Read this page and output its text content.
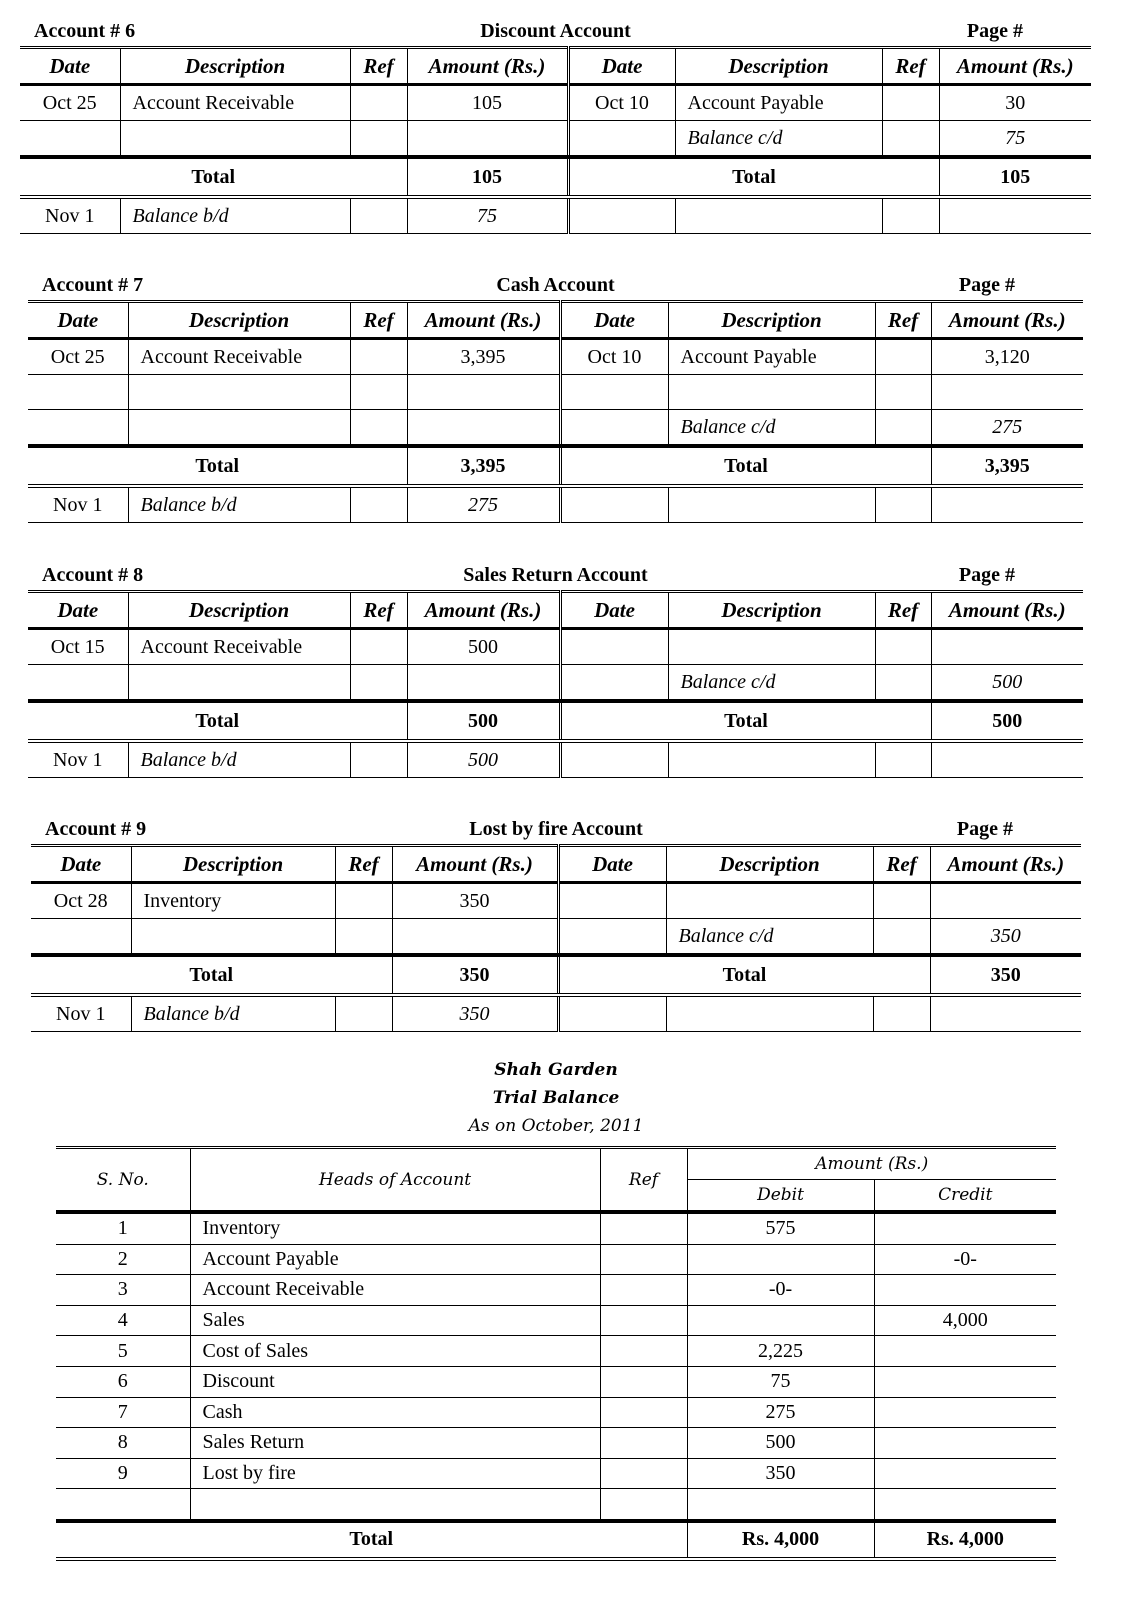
Account # 6	Discount Account	Page #
Date	Description	Ref	Amount (Rs.)	Date	Description	Ref	Amount (Rs.)
Oct 25	Account Receivable		105	Oct 10	Account Payable		30
					Balance c/d		75
Total			105	Total			105
Nov 1	Balance b/d		75				
Account # 7	Cash Account	Page #
Date	Description	Ref	Amount (Rs.)	Date	Description	Ref	Amount (Rs.)
Oct 25	Account Receivable		3,395	Oct 10	Account Payable		3,120

					Balance c/d		275
Total			3,395	Total			3,395
Nov 1	Balance b/d		275				
Account # 8	Sales Return Account	Page #
Date	Description	Ref	Amount (Rs.)	Date	Description	Ref	Amount (Rs.)
Oct 15	Account Receivable		500				
					Balance c/d		500
Total			500	Total			500
Nov 1	Balance b/d		500				
Account # 9	Lost by fire Account	Page #
Date	Description	Ref	Amount (Rs.)	Date	Description	Ref	Amount (Rs.)
Oct 28	Inventory		350				
					Balance c/d		350
Total			350	Total			350
Nov 1	Balance b/d		350				
Shah Garden
Trial Balance
As on October, 2011
S. No.	Heads of Account	Ref	Amount (Rs.)	
			Debit	Credit
1	Inventory		575	
2	Account Payable			-0-
3	Account Receivable		-0-	
4	Sales			4,000
5	Cost of Sales		2,225	
6	Discount		75	
7	Cash		275	
8	Sales Return		500	
9	Lost by fire		350	

Total			Rs. 4,000	Rs. 4,000
